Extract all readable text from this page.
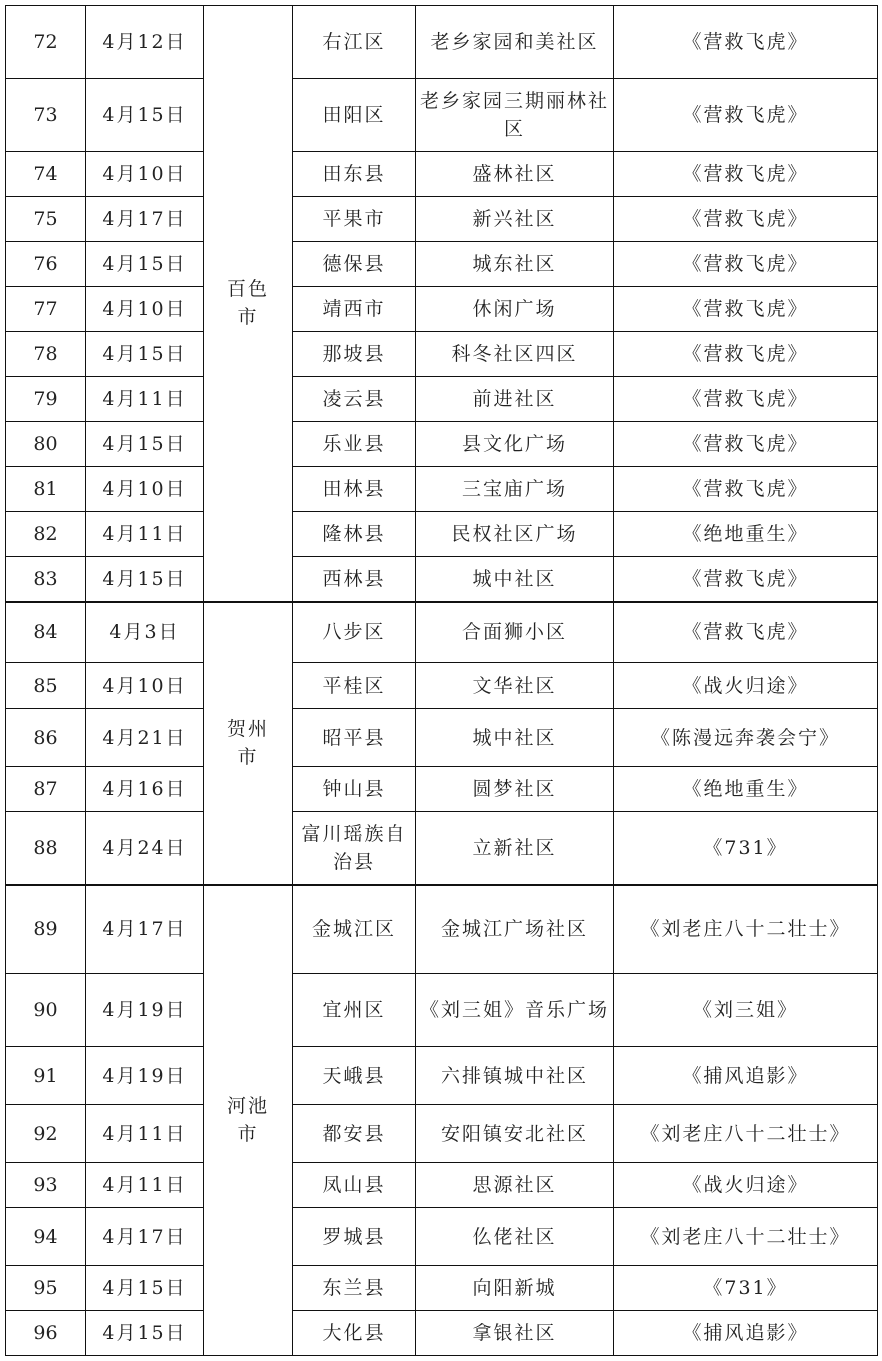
72	4月12日	百色市	右江区	老乡家园和美社区	《营救飞虎》
73	4月15日		田阳区	老乡家园三期丽林社区	《营救飞虎》
74	4月10日		田东县	盛林社区	《营救飞虎》
75	4月17日		平果市	新兴社区	《营救飞虎》
76	4月15日		德保县	城东社区	《营救飞虎》
77	4月10日		靖西市	休闲广场	《营救飞虎》
78	4月15日		那坡县	科冬社区四区	《营救飞虎》
79	4月11日		凌云县	前进社区	《营救飞虎》
80	4月15日		乐业县	县文化广场	《营救飞虎》
81	4月10日		田林县	三宝庙广场	《营救飞虎》
82	4月11日		隆林县	民权社区广场	《绝地重生》
83	4月15日		西林县	城中社区	《营救飞虎》
84	4月3日	贺州市	八步区	合面狮小区	《营救飞虎》
85	4月10日		平桂区	文华社区	《战火归途》
86	4月21日		昭平县	城中社区	《陈漫远奔袭会宁》
87	4月16日		钟山县	圆梦社区	《绝地重生》
88	4月24日		富川瑶族自治县	立新社区	《731》
89	4月17日	河池市	金城江区	金城江广场社区	《刘老庄八十二壮士》
90	4月19日		宜州区	《刘三姐》音乐广场	《刘三姐》
91	4月19日		天峨县	六排镇城中社区	《捕风追影》
92	4月11日		都安县	安阳镇安北社区	《刘老庄八十二壮士》
93	4月11日		凤山县	思源社区	《战火归途》
94	4月17日		罗城县	仫佬社区	《刘老庄八十二壮士》
95	4月15日		东兰县	向阳新城	《731》
96	4月15日		大化县	拿银社区	《捕风追影》
